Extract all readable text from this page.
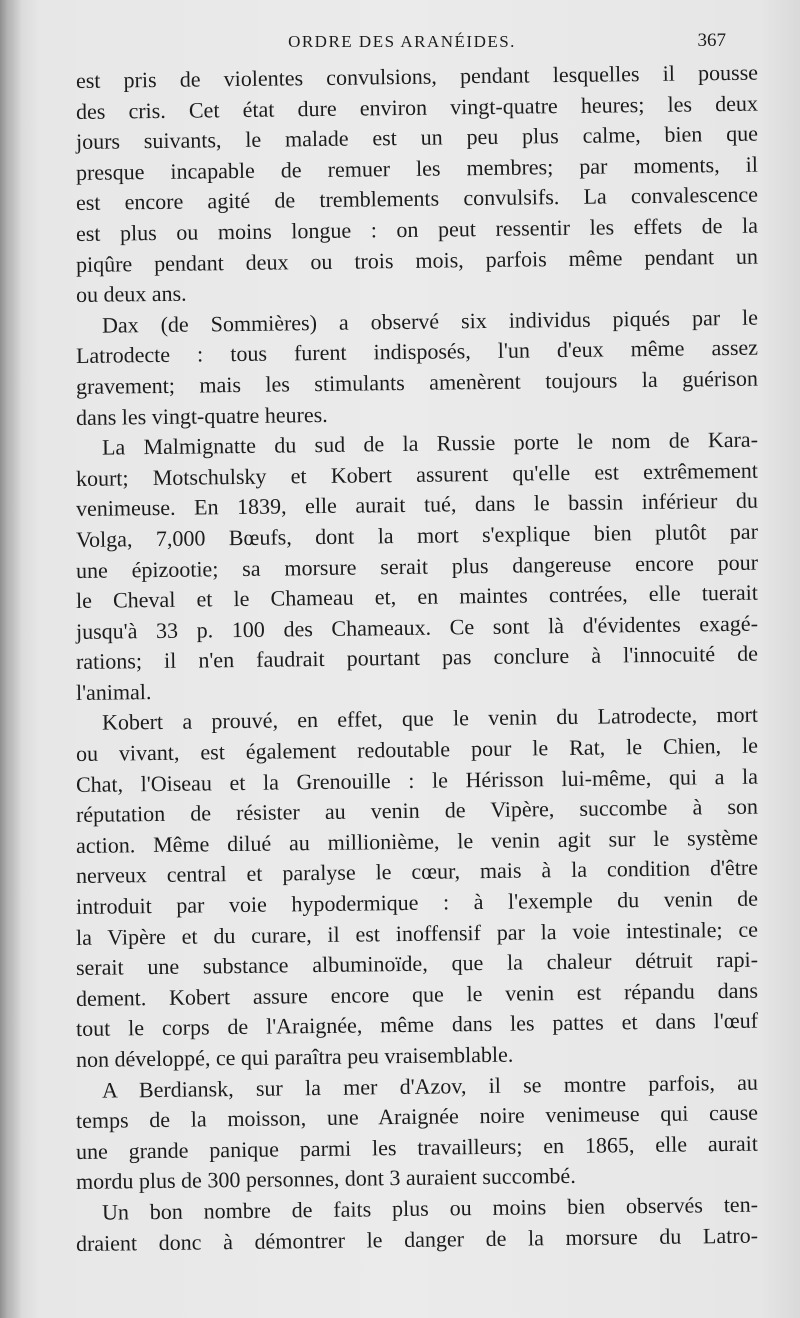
ORDRE DES ARANÉIDES.	367
est pris de violentes convulsions, pendant lesquelles il pousse
des cris. Cet état dure environ vingt-quatre heures; les deux
jours suivants, le malade est un peu plus calme, bien que
presque incapable de remuer les membres; par moments, il
est encore agité de tremblements convulsifs. La convalescence
est plus ou moins longue : on peut ressentir les effets de la
piqûre pendant deux ou trois mois, parfois même pendant un
ou deux ans.
Dax (de Sommières) a observé six individus piqués par le
Latrodecte : tous furent indisposés, l'un d'eux même assez
gravement; mais les stimulants amenèrent toujours la guérison
dans les vingt-quatre heures.
La Malmignatte du sud de la Russie porte le nom de Kara-
kourt; Motschulsky et Kobert assurent qu'elle est extrêmement
venimeuse. En 1839, elle aurait tué, dans le bassin inférieur du
Volga, 7,000 Bœufs, dont la mort s'explique bien plutôt par
une épizootie; sa morsure serait plus dangereuse encore pour
le Cheval et le Chameau et, en maintes contrées, elle tuerait
jusqu'à 33 p. 100 des Chameaux. Ce sont là d'évidentes exagé-
rations; il n'en faudrait pourtant pas conclure à l'innocuité de
l'animal.
Kobert a prouvé, en effet, que le venin du Latrodecte, mort
ou vivant, est également redoutable pour le Rat, le Chien, le
Chat, l'Oiseau et la Grenouille : le Hérisson lui-même, qui a la
réputation de résister au venin de Vipère, succombe à son
action. Même dilué au millionième, le venin agit sur le système
nerveux central et paralyse le cœur, mais à la condition d'être
introduit par voie hypodermique : à l'exemple du venin de
la Vipère et du curare, il est inoffensif par la voie intestinale; ce
serait une substance albuminoïde, que la chaleur détruit rapi-
dement. Kobert assure encore que le venin est répandu dans
tout le corps de l'Araignée, même dans les pattes et dans l'œuf
non développé, ce qui paraîtra peu vraisemblable.
A Berdiansk, sur la mer d'Azov, il se montre parfois, au
temps de la moisson, une Araignée noire venimeuse qui cause
une grande panique parmi les travailleurs; en 1865, elle aurait
mordu plus de 300 personnes, dont 3 auraient succombé.
Un bon nombre de faits plus ou moins bien observés ten-
draient donc à démontrer le danger de la morsure du Latro-
